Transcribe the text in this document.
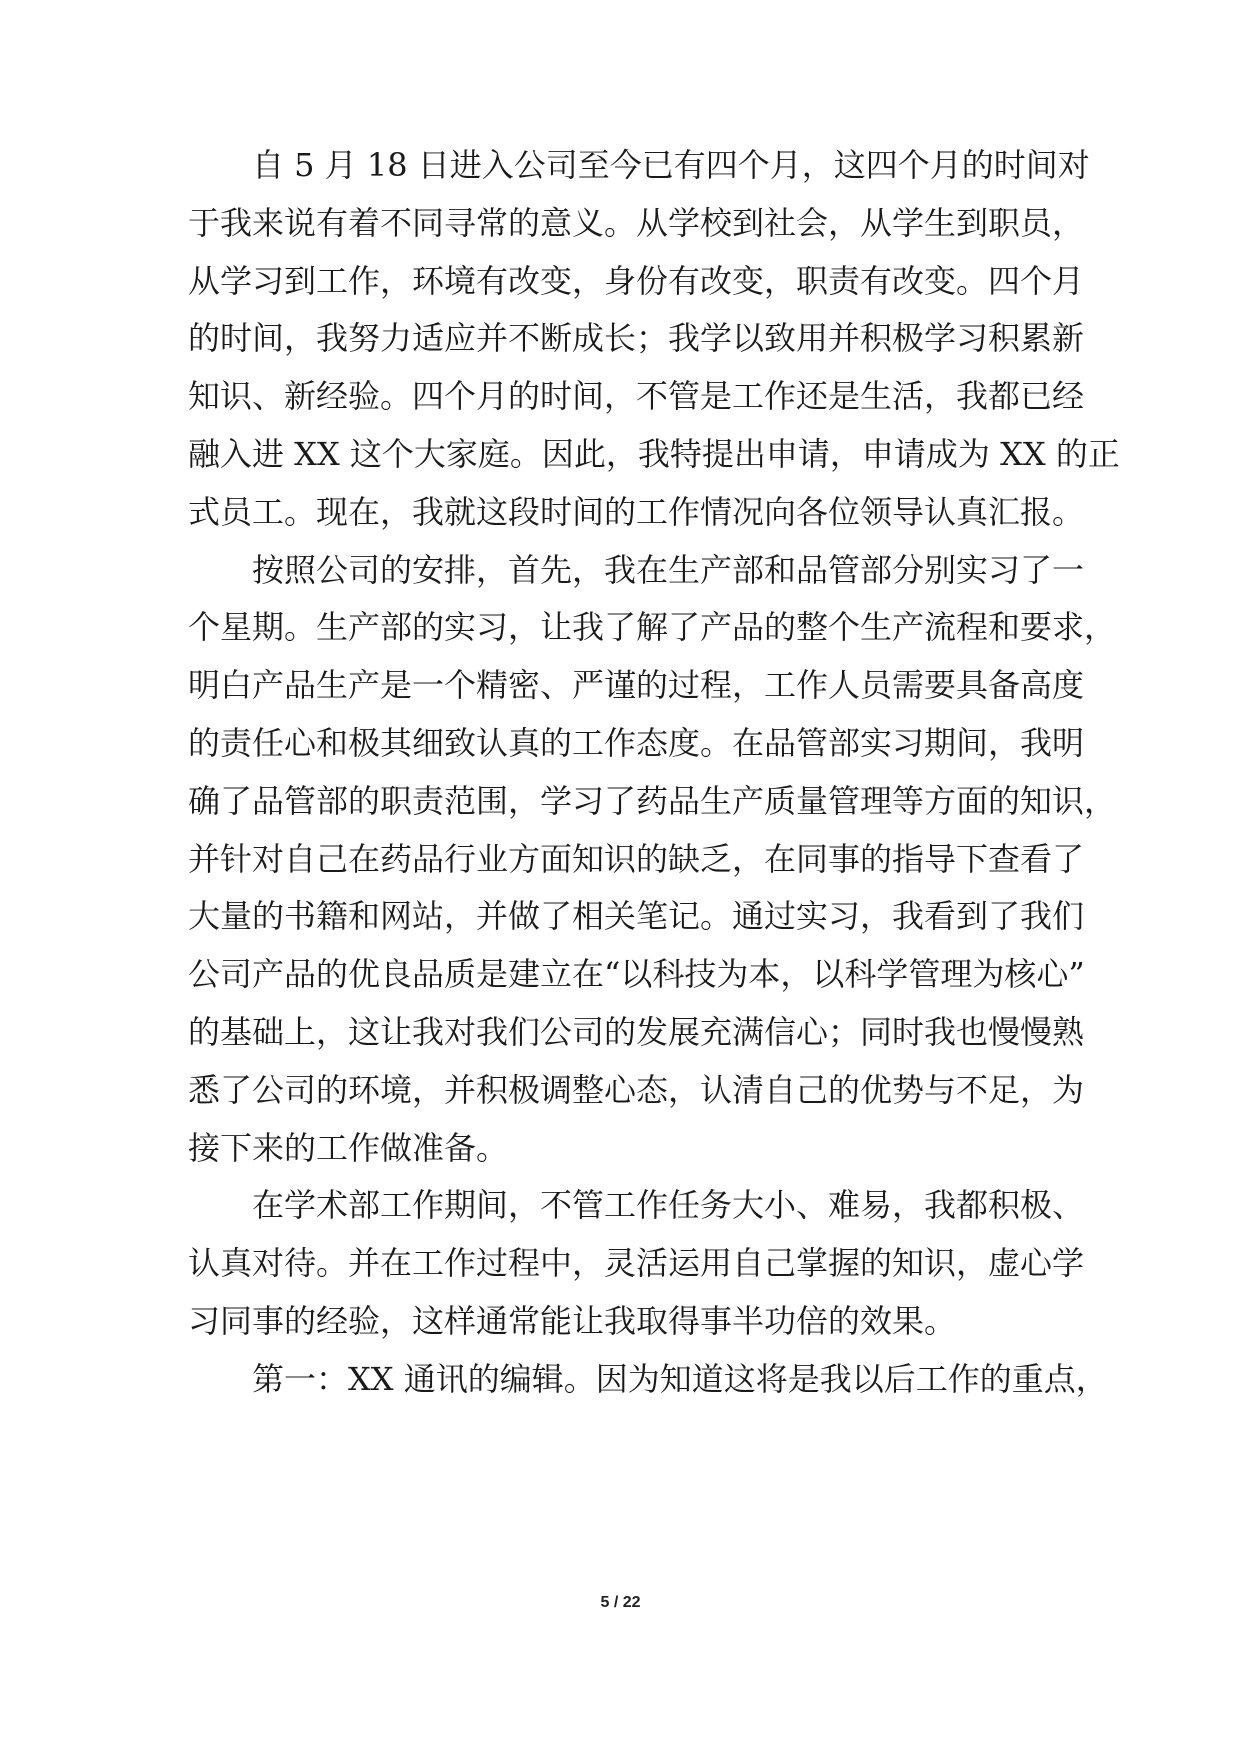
自 5 月 18 日进入公司至今已有四个月，这四个月的时间对
于我来说有着不同寻常的意义。从学校到社会，从学生到职员，
从学习到工作，环境有改变，身份有改变，职责有改变。四个月
的时间，我努力适应并不断成长；我学以致用并积极学习积累新
知识、新经验。四个月的时间，不管是工作还是生活，我都已经
融入进 XX 这个大家庭。因此，我特提出申请，申请成为 XX 的正
式员工。现在，我就这段时间的工作情况向各位领导认真汇报。
按照公司的安排，首先，我在生产部和品管部分别实习了一
个星期。生产部的实习，让我了解了产品的整个生产流程和要求，
明白产品生产是一个精密、严谨的过程，工作人员需要具备高度
的责任心和极其细致认真的工作态度。在品管部实习期间，我明
确了品管部的职责范围，学习了药品生产质量管理等方面的知识，
并针对自己在药品行业方面知识的缺乏，在同事的指导下查看了
大量的书籍和网站，并做了相关笔记。通过实习，我看到了我们
公司产品的优良品质是建立在“以科技为本，以科学管理为核心”
的基础上，这让我对我们公司的发展充满信心；同时我也慢慢熟
悉了公司的环境，并积极调整心态，认清自己的优势与不足，为
接下来的工作做准备。
在学术部工作期间，不管工作任务大小、难易，我都积极、
认真对待。并在工作过程中，灵活运用自己掌握的知识，虚心学
习同事的经验，这样通常能让我取得事半功倍的效果。
第一：XX 通讯的编辑。因为知道这将是我以后工作的重点，
5 / 22
